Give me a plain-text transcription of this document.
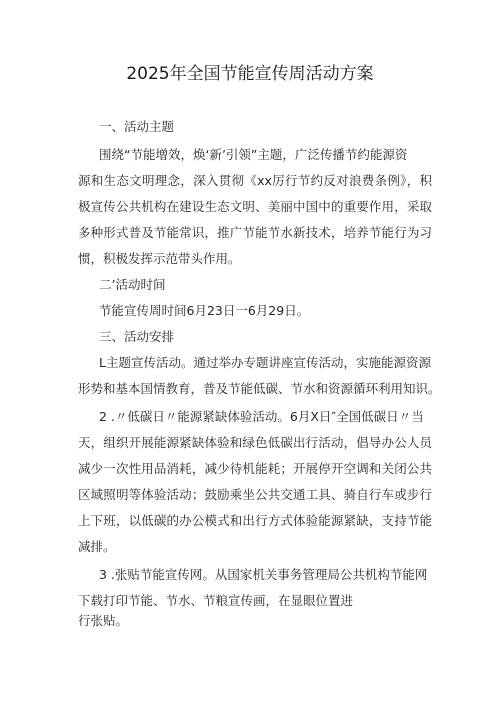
2025年全国节能宣传周活动方案
一、活动主题
围绕“节能增效，焕‘新’引领”主题，广泛传播节约能源资
源和生态文明理念，深入贯彻《xx厉行节约反对浪费条例》，积
极宣传公共机构在建设生态文明、美丽中国中的重要作用，采取
多种形式普及节能常识，推广节能节水新技术，培养节能行为习
惯，积极发挥示范带头作用。
二’活动时间
节能宣传周时间6月23日一6月29日。
三、活动安排
L主题宣传活动。通过举办专题讲座宣传活动，实施能源资源
形势和基本国情教育，普及节能低碳、节水和资源循环利用知识。
2 .〃低碳日〃能源紧缺体验活动。6月X日″全国低碳日〃当
天，组织开展能源紧缺体验和绿色低碳出行活动，倡导办公人员
减少一次性用品消耗，减少待机能耗；开展停开空调和关闭公共
区域照明等体验活动；鼓励乘坐公共交通工具、骑自行车或步行
上下班，以低碳的办公模式和出行方式体验能源紧缺，支持节能
减排。
3 .张贴节能宣传网。从国家机关事务管理局公共机构节能网
下载打印节能、节水、节粮宣传画，在显眼位置进
行张贴。
